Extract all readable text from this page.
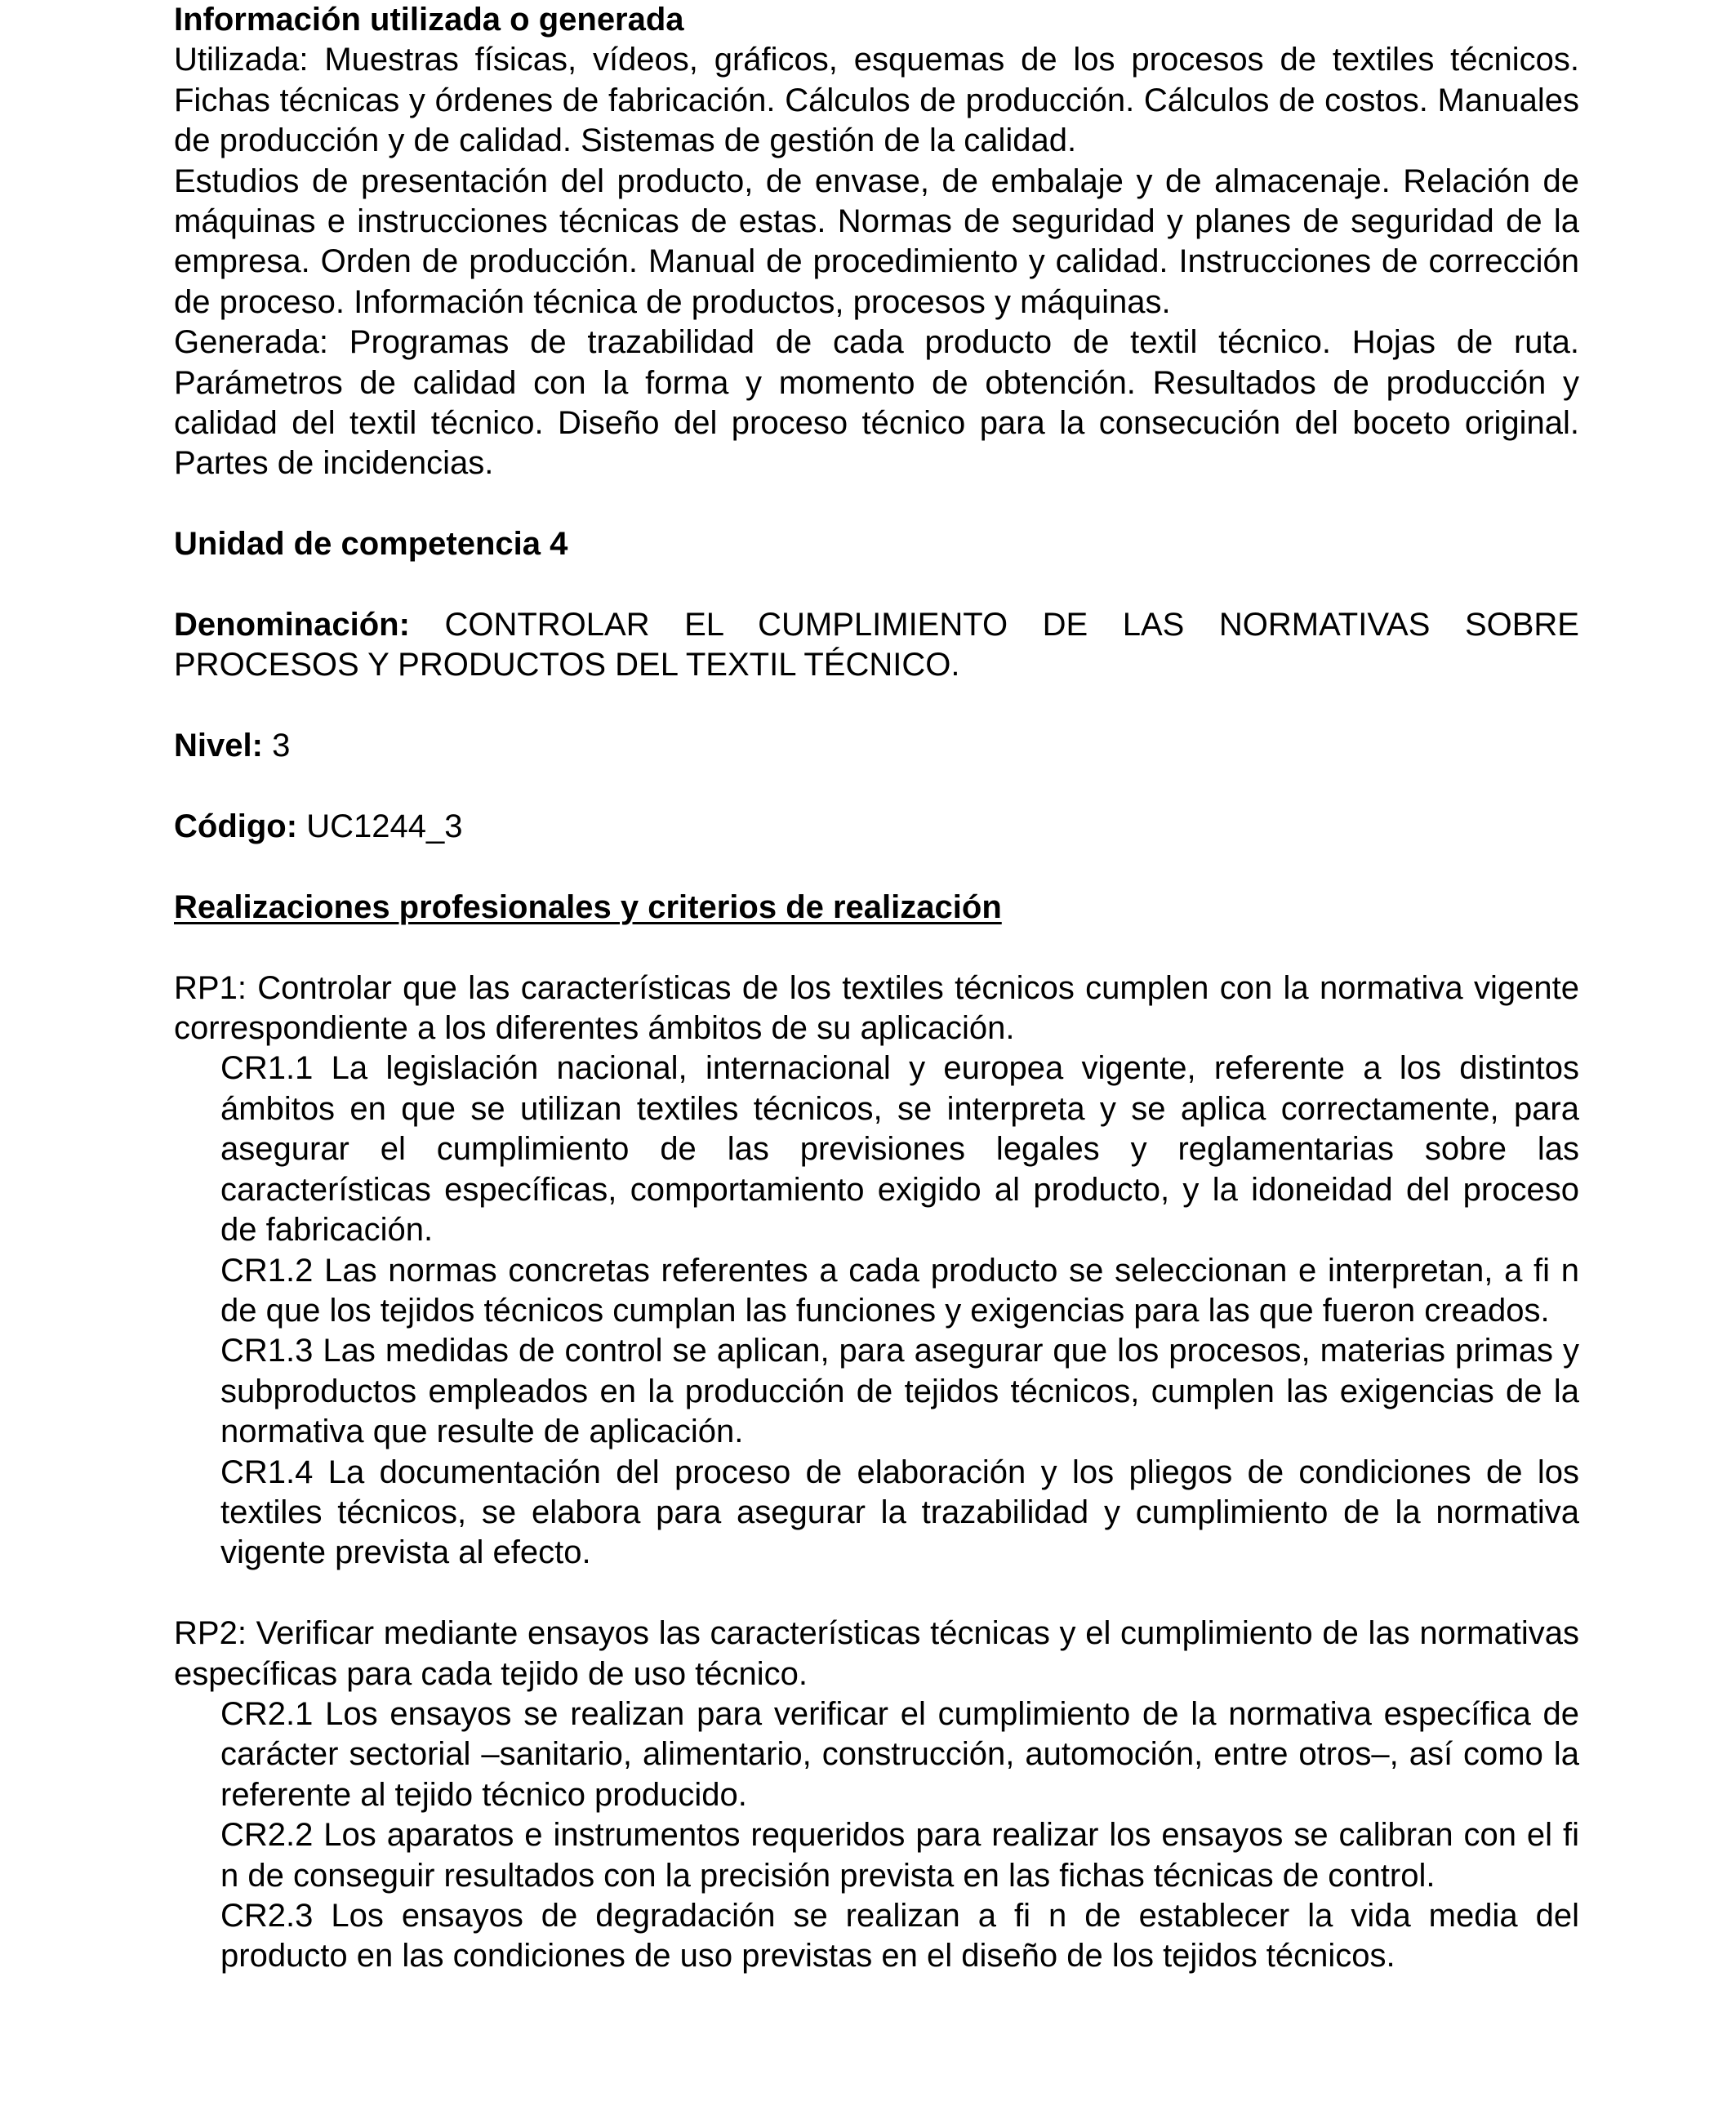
Información utilizada o generada

Utilizada: Muestras físicas, vídeos, gráficos, esquemas de los procesos de textiles técnicos. Fichas técnicas y órdenes de fabricación. Cálculos de producción. Cálculos de costos. Manuales de producción y de calidad. Sistemas de gestión de la calidad.

Estudios de presentación del producto, de envase, de embalaje y de almacenaje. Relación de máquinas e instrucciones técnicas de estas. Normas de seguridad y planes de seguridad de la empresa. Orden de producción. Manual de procedimiento y calidad. Instrucciones de corrección de proceso. Información técnica de productos, procesos y máquinas.

Generada: Programas de trazabilidad de cada producto de textil técnico. Hojas de ruta. Parámetros de calidad con la forma y momento de obtención. Resultados de producción y calidad del textil técnico. Diseño del proceso técnico para la consecución del boceto original. Partes de incidencias.

Unidad de competencia 4

Denominación: CONTROLAR EL CUMPLIMIENTO DE LAS NORMATIVAS SOBRE PROCESOS Y PRODUCTOS DEL TEXTIL TÉCNICO.

Nivel: 3
Código: UC1244_3
Realizaciones profesionales y criterios de realización

RP1: Controlar que las características de los textiles técnicos cumplen con la normativa vigente correspondiente a los diferentes ámbitos de su aplicación.

CR1.1 La legislación nacional, internacional y europea vigente, referente a los distintos ámbitos en que se utilizan textiles técnicos, se interpreta y se aplica correctamente, para asegurar el cumplimiento de las previsiones legales y reglamentarias sobre las características específicas, comportamiento exigido al producto, y la idoneidad del proceso de fabricación.

CR1.2 Las normas concretas referentes a cada producto se seleccionan e interpretan, a fi n de que los tejidos técnicos cumplan las funciones y exigencias para las que fueron creados.

CR1.3 Las medidas de control se aplican, para asegurar que los procesos, materias primas y subproductos empleados en la producción de tejidos técnicos, cumplen las exigencias de la normativa que resulte de aplicación.

CR1.4 La documentación del proceso de elaboración y los pliegos de condiciones de los textiles técnicos, se elabora para asegurar la trazabilidad y cumplimiento de la normativa vigente prevista al efecto.

RP2: Verificar mediante ensayos las características técnicas y el cumplimiento de las normativas específicas para cada tejido de uso técnico.

CR2.1 Los ensayos se realizan para verificar el cumplimiento de la normativa específica de carácter sectorial –sanitario, alimentario, construcción, automoción, entre otros–, así como la referente al tejido técnico producido.

CR2.2 Los aparatos e instrumentos requeridos para realizar los ensayos se calibran con el fi n de conseguir resultados con la precisión prevista en las fichas técnicas de control.

CR2.3 Los ensayos de degradación se realizan a fi n de establecer la vida media del producto en las condiciones de uso previstas en el diseño de los tejidos técnicos.
